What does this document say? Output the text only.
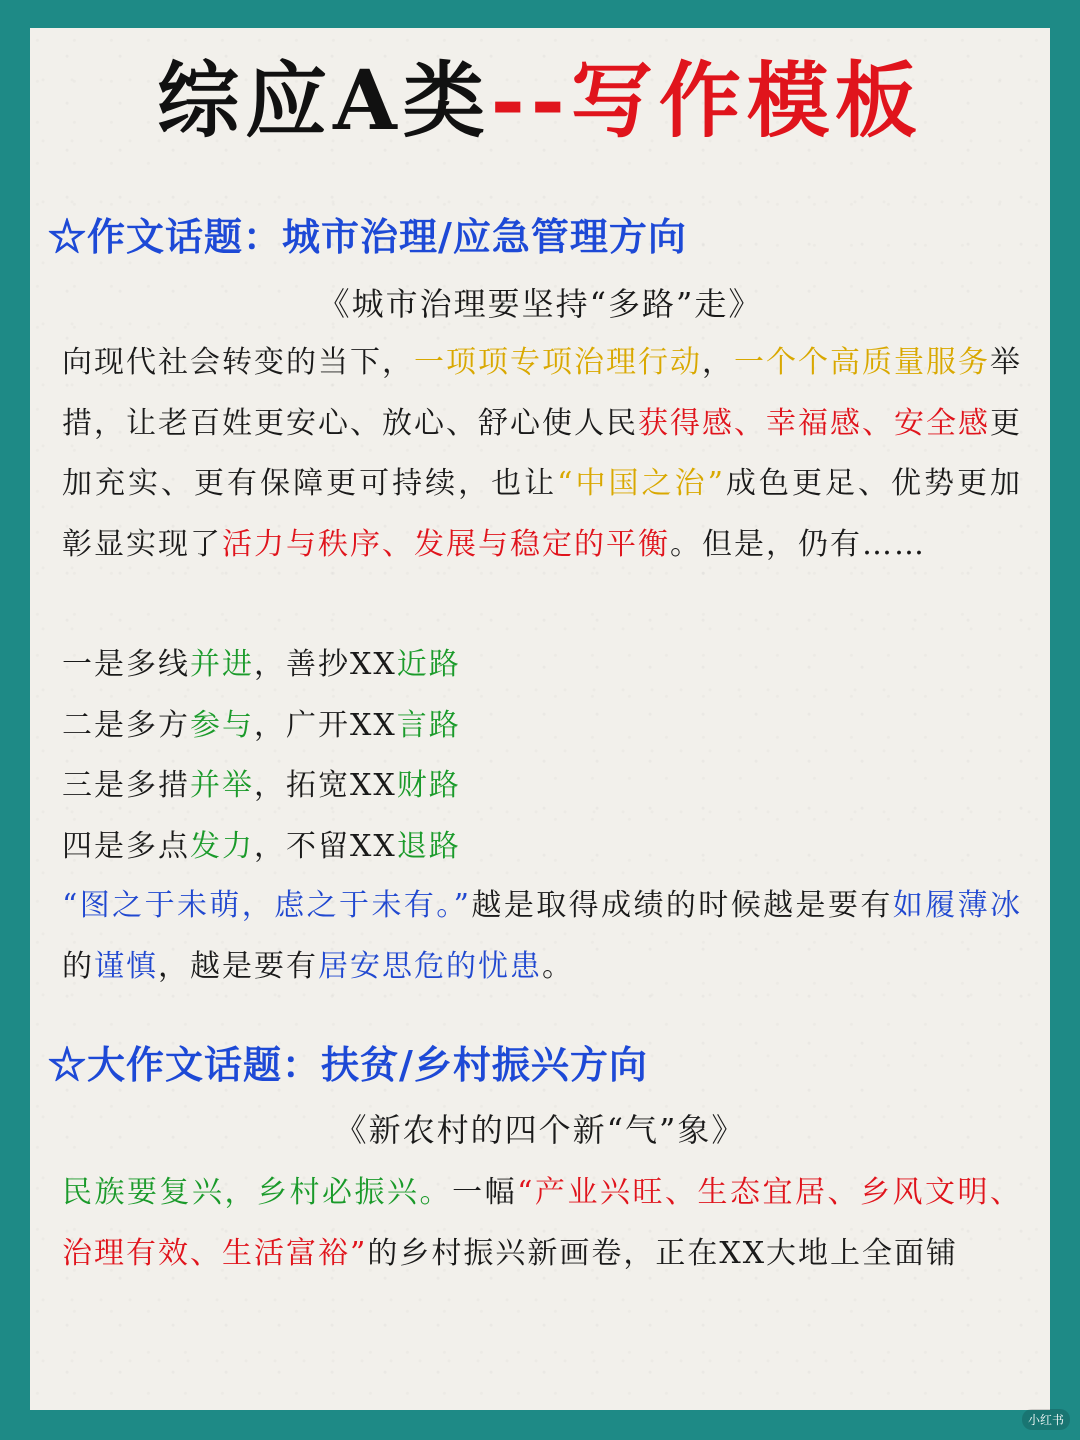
综应A类--写作模板
☆作文话题：城市治理/应急管理方向
《城市治理要坚持“多路”走》
向现代社会转变的当下，一项项专项治理行动，一个个高质量服务举措，让老百姓更安心、放心、舒心使人民获得感、幸福感、安全感更加充实、更有保障更可持续，也让“中国之治”成色更足、优势更加彰显实现了活力与秩序、发展与稳定的平衡。但是，仍有……
一是多线并进，善抄XX近路
二是多方参与，广开XX言路
三是多措并举，拓宽XX财路
四是多点发力，不留XX退路
“图之于未萌，虑之于未有。”越是取得成绩的时候越是要有如履薄冰的谨慎，越是要有居安思危的忧患。
☆大作文话题：扶贫/乡村振兴方向
《新农村的四个新“气”象》
民族要复兴，乡村必振兴。一幅“产业兴旺、生态宜居、乡风文明、治理有效、生活富裕”的乡村振兴新画卷，正在XX大地上全面铺
小红书
